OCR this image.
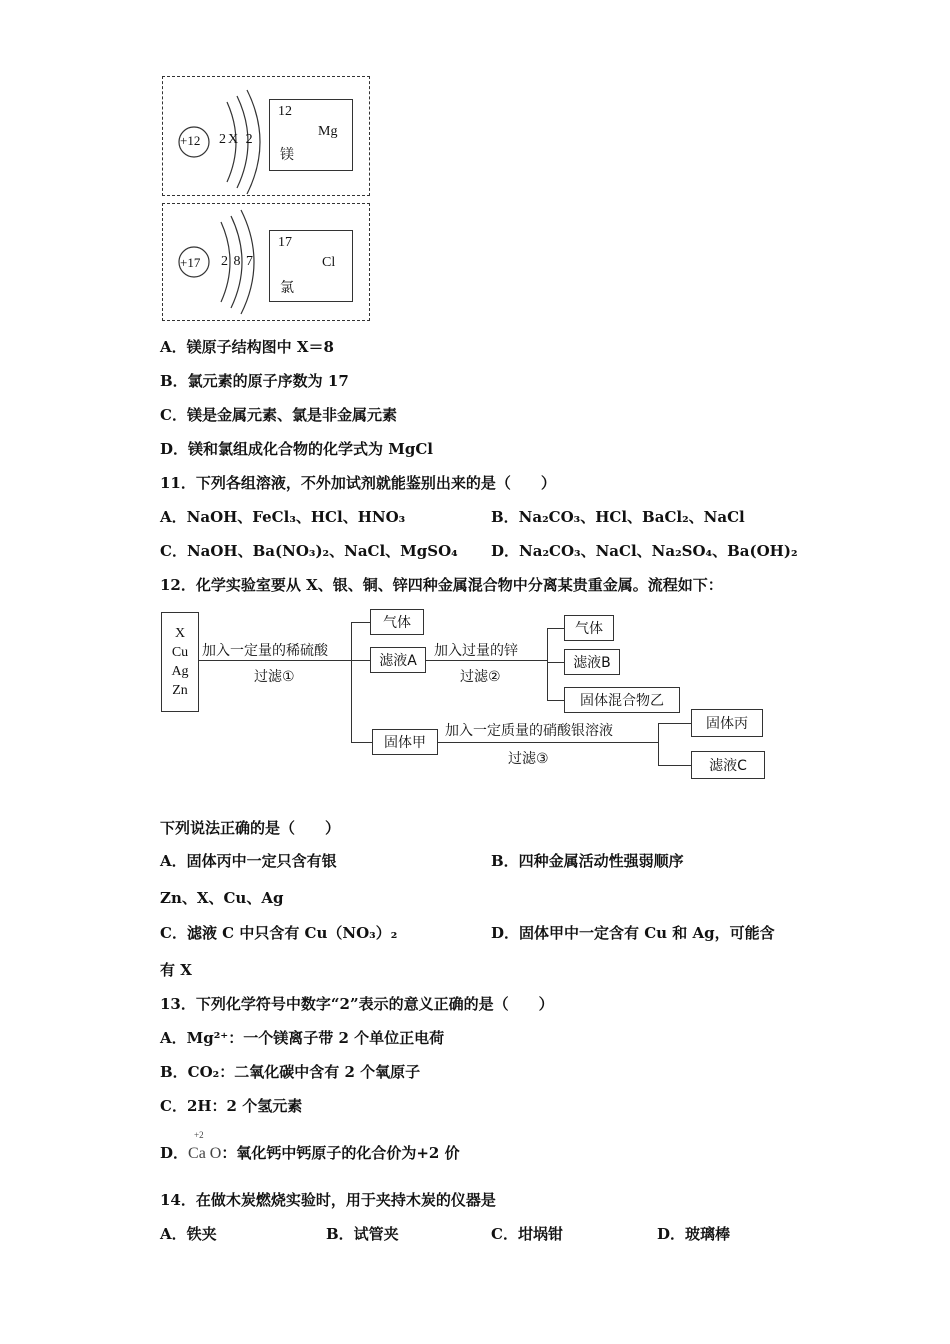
+12 2X 2
12
Mg
镁
+17 2 8 7
17
Cl
氯
A．镁原子结构图中 X＝8
B．氯元素的原子序数为 17
C．镁是金属元素、氯是非金属元素
D．镁和氯组成化合物的化学式为 MgCl
11．下列各组溶液，不外加试剂就能鉴别出来的是（　　）
A．NaOH、FeCl₃、HCl、HNO₃	B．Na₂CO₃、HCl、BaCl₂、NaCl
C．NaOH、Ba(NO₃)₂、NaCl、MgSO₄ D．Na₂CO₃、NaCl、Na₂SO₄、Ba(OH)₂
12．化学实验室要从 X、银、铜、锌四种金属混合物中分离某贵重金属。流程如下：
X
Cu
Ag
Zn
加入一定量的稀硫酸
过滤①
气体
滤液A
加入过量的锌
过滤②
气体
滤液B
固体混合物乙
固体甲
加入一定质量的硝酸银溶液
过滤③
固体丙
滤液C
下列说法正确的是（　　）
A．固体丙中一定只含有银	B．四种金属活动性强弱顺序
Zn、X、Cu、Ag
C．滤液 C 中只含有 Cu（NO₃）₂	D．固体甲中一定含有 Cu 和 Ag，可能含
有 X
13．下列化学符号中数字“2”表示的意义正确的是（　　）
A．Mg²⁺：一个镁离子带 2 个单位正电荷
B．CO₂：二氧化碳中含有 2 个氧原子
C．2H：2 个氢元素
D．
+2
Ca O：氧化钙中钙原子的化合价为+2 价
14．在做木炭燃烧实验时，用于夹持木炭的仪器是
A．铁夹	B．试管夹	C．坩埚钳	D．玻璃棒
